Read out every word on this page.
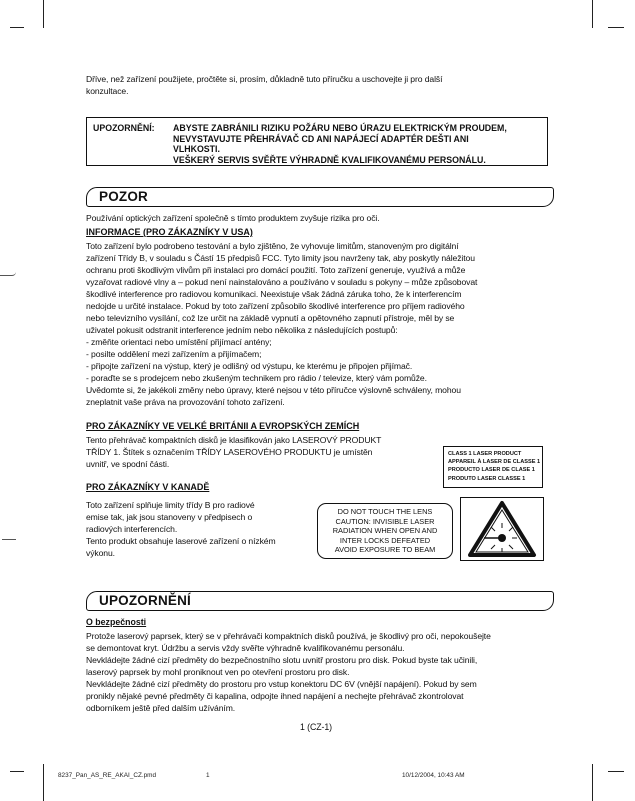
Dříve, než zařízení použijete, pročtěte si, prosím, důkladně tuto příručku a uschovejte ji pro další
konzultace.
UPOZORNĚNÍ: ABYSTE ZABRÁNILI RIZIKU POŽÁRU NEBO ÚRAZU ELEKTRICKÝM PROUDEM,
NEVYSTAVUJTE PŘEHRÁVAČ CD ANI NAPÁJECÍ ADAPTÉR DEŠTI ANI
VLHKOSTI.
VEŠKERÝ SERVIS SVĚŘTE VÝHRADNĚ KVALIFIKOVANÉMU PERSONÁLU.
POZOR
Používání optických zařízení společně s tímto produktem zvyšuje rizika pro oči.
INFORMACE (PRO ZÁKAZNÍKY V USA)
Toto zařízení bylo podrobeno testování a bylo zjištěno, že vyhovuje limitům, stanoveným pro digitální
zařízení Třídy B, v souladu s Částí 15 předpisů FCC. Tyto limity jsou navrženy tak, aby poskytly náležitou
ochranu proti škodlivým vlivům při instalaci pro domácí použití. Toto zařízení generuje, využívá a může
vyzařovat radiové vlny a – pokud není nainstalováno a používáno v souladu s pokyny – může způsobovat
škodlivé interference pro radiovou komunikaci. Neexistuje však žádná záruka toho, že k interferencím
nedojde u určité instalace. Pokud by toto zařízení způsobilo škodlivé interference pro příjem radiového
nebo televizního vysílání, což lze určit na základě vypnutí a opětovného zapnutí přístroje, měl by se
uživatel pokusit odstranit interference jedním nebo několika z následujících postupů:
- změňte orientaci nebo umístění přijímací antény;
- posilte oddělení mezi zařízením a přijímačem;
- připojte zařízení na výstup, který je odlišný od výstupu, ke kterému je připojen přijímač.
- poraďte se s prodejcem nebo zkušeným technikem pro rádio / televize, který vám pomůže.
Uvědomte si, že jakékoli změny nebo úpravy, které nejsou v této příručce výslovně schváleny, mohou
zneplatnit vaše práva na provozování tohoto zařízení.
PRO ZÁKAZNÍKY VE VELKÉ BRITÁNII A EVROPSKÝCH ZEMÍCH
Tento přehrávač kompaktních disků je klasifikován jako LASEROVÝ PRODUKT
TŘÍDY 1. Štítek s označením TŘÍDY LASEROVÉHO PRODUKTU je umístěn
uvnitř, ve spodní části.
CLASS 1 LASER PRODUCT
APPAREIL À LASER DE CLASSE 1
PRODUCTO LASER DE CLASE 1
PRODUTO LASER CLASSE 1
PRO ZÁKAZNÍKY V KANADĚ
Toto zařízení splňuje limity třídy B pro radiové
emise tak, jak jsou stanoveny v předpisech o
radiových interferencích.
Tento produkt obsahuje laserové zařízení o nízkém
výkonu.
DO NOT TOUCH THE LENS
CAUTION: INVISIBLE LASER
RADIATION WHEN OPEN AND
INTER LOCKS DEFEATED
AVOID EXPOSURE TO BEAM
UPOZORNĚNÍ
O bezpečnosti
Protože laserový paprsek, který se v přehrávači kompaktních disků používá, je škodlivý pro oči, nepokoušejte
se demontovat kryt. Údržbu a servis vždy svěřte výhradně kvalifikovanému personálu.
Nevkládejte žádné cizí předměty do bezpečnostního slotu uvnitř prostoru pro disk. Pokud byste tak učinili,
laserový paprsek by mohl proniknout ven po otevření prostoru pro disk.
Nevkládejte žádné cizí předměty do prostoru pro vstup konektoru DC 6V (vnější napájení). Pokud by sem
pronikly nějaké pevné předměty či kapalina, odpojte ihned napájení a nechejte přehrávač zkontrolovat
odborníkem ještě před dalším užíváním.
1 (CZ-1)
8237_Pan_AS_RE_AKAI_CZ.pmd	1	10/12/2004, 10:43 AM
